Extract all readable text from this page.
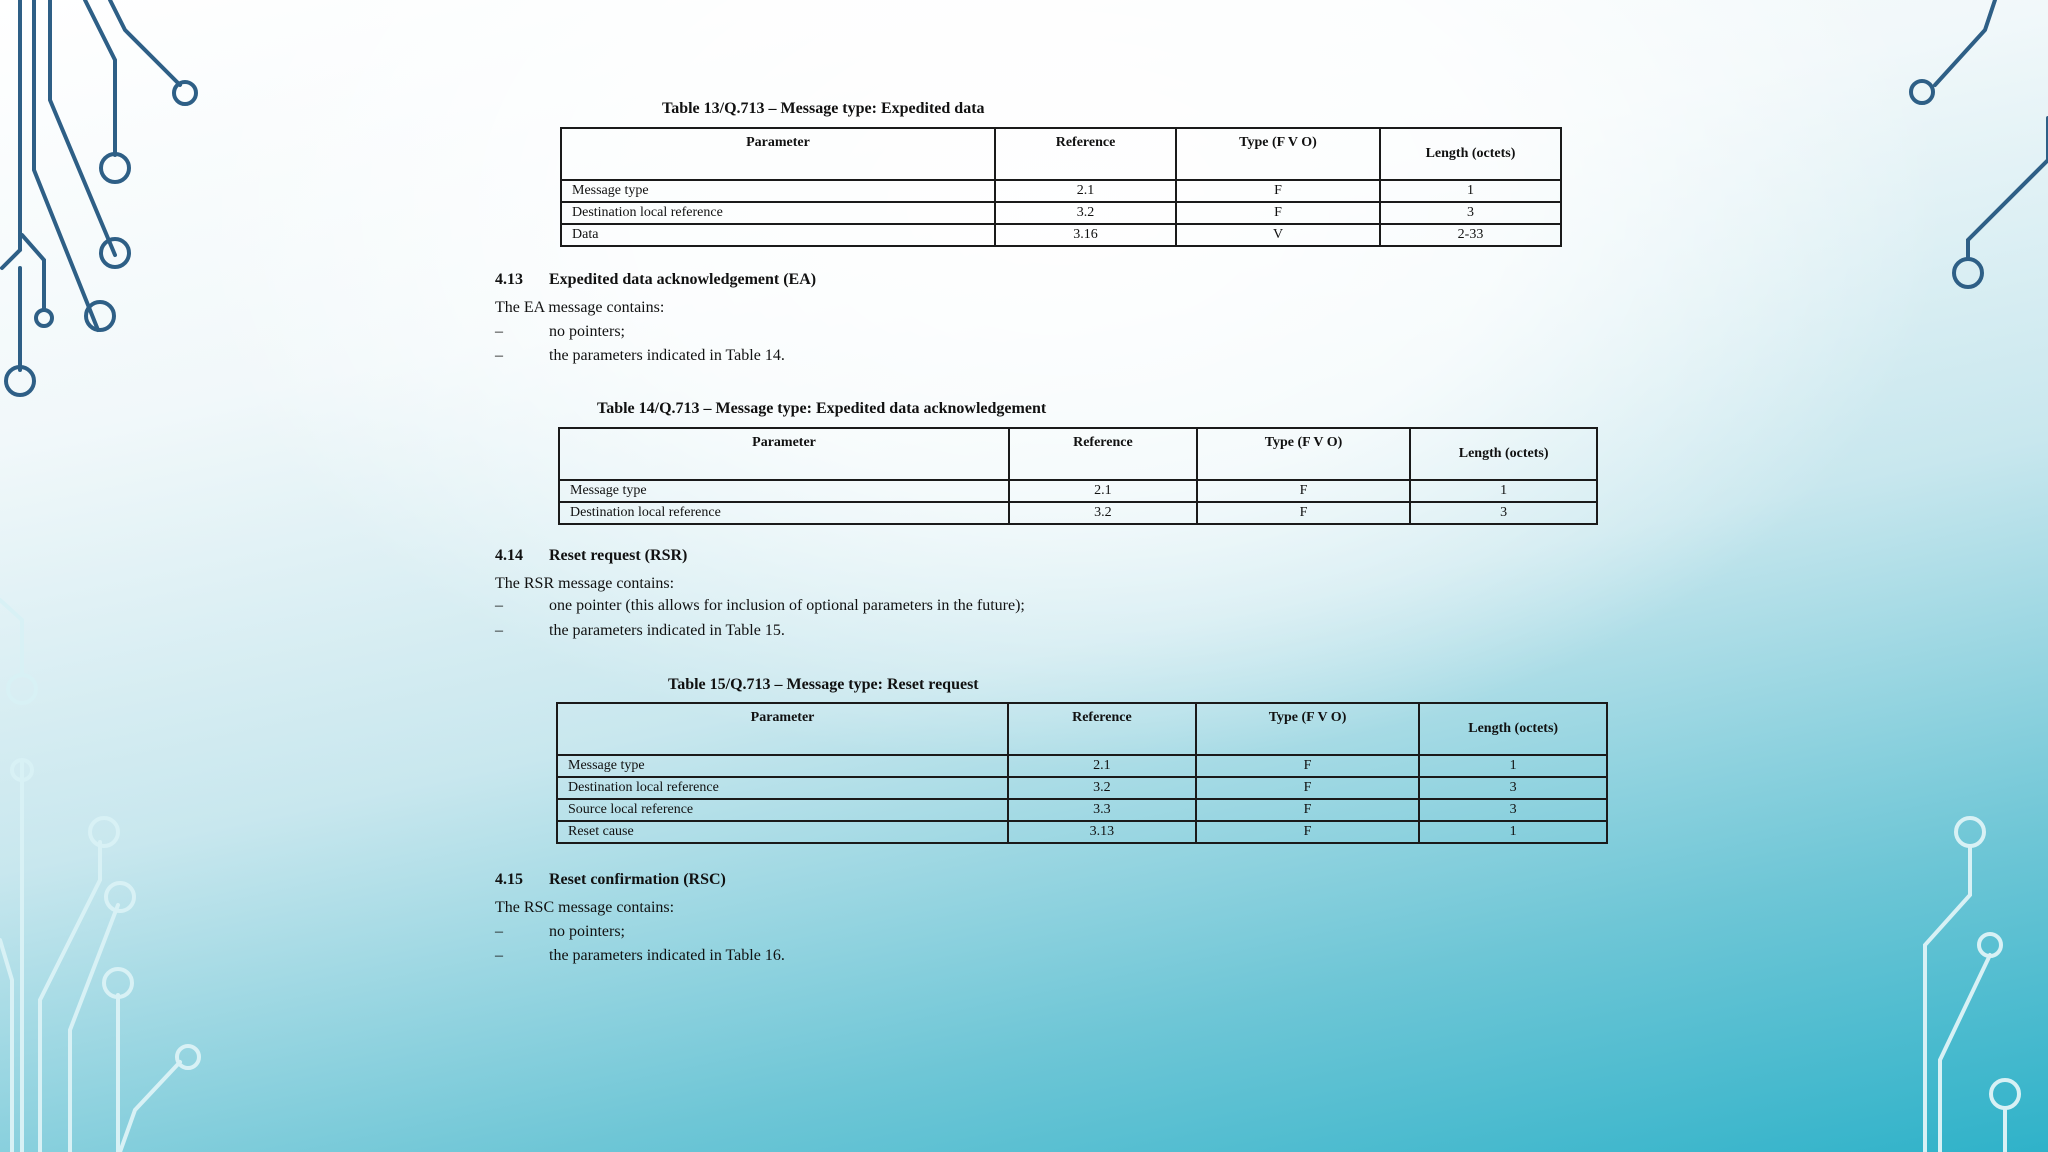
Table 13/Q.713 – Message type: Expedited data
Parameter	Reference	Type (F V O)	Length (octets)
Message type	2.1	F	1
Destination local reference	3.2	F	3
Data	3.16	V	2-33
4.13 Expedited data acknowledgement (EA)
The EA message contains:
–	no pointers;
–	the parameters indicated in Table 14.
Table 14/Q.713 – Message type: Expedited data acknowledgement
Parameter	Reference	Type (F V O)	Length (octets)
Message type	2.1	F	1
Destination local reference	3.2	F	3
4.14 Reset request (RSR)
The RSR message contains:
–	one pointer (this allows for inclusion of optional parameters in the future);
–	the parameters indicated in Table 15.
Table 15/Q.713 – Message type: Reset request
Parameter	Reference	Type (F V O)	Length (octets)
Message type	2.1	F	1
Destination local reference	3.2	F	3
Source local reference	3.3	F	3
Reset cause	3.13	F	1
4.15 Reset confirmation (RSC)
The RSC message contains:
–	no pointers;
–	the parameters indicated in Table 16.
